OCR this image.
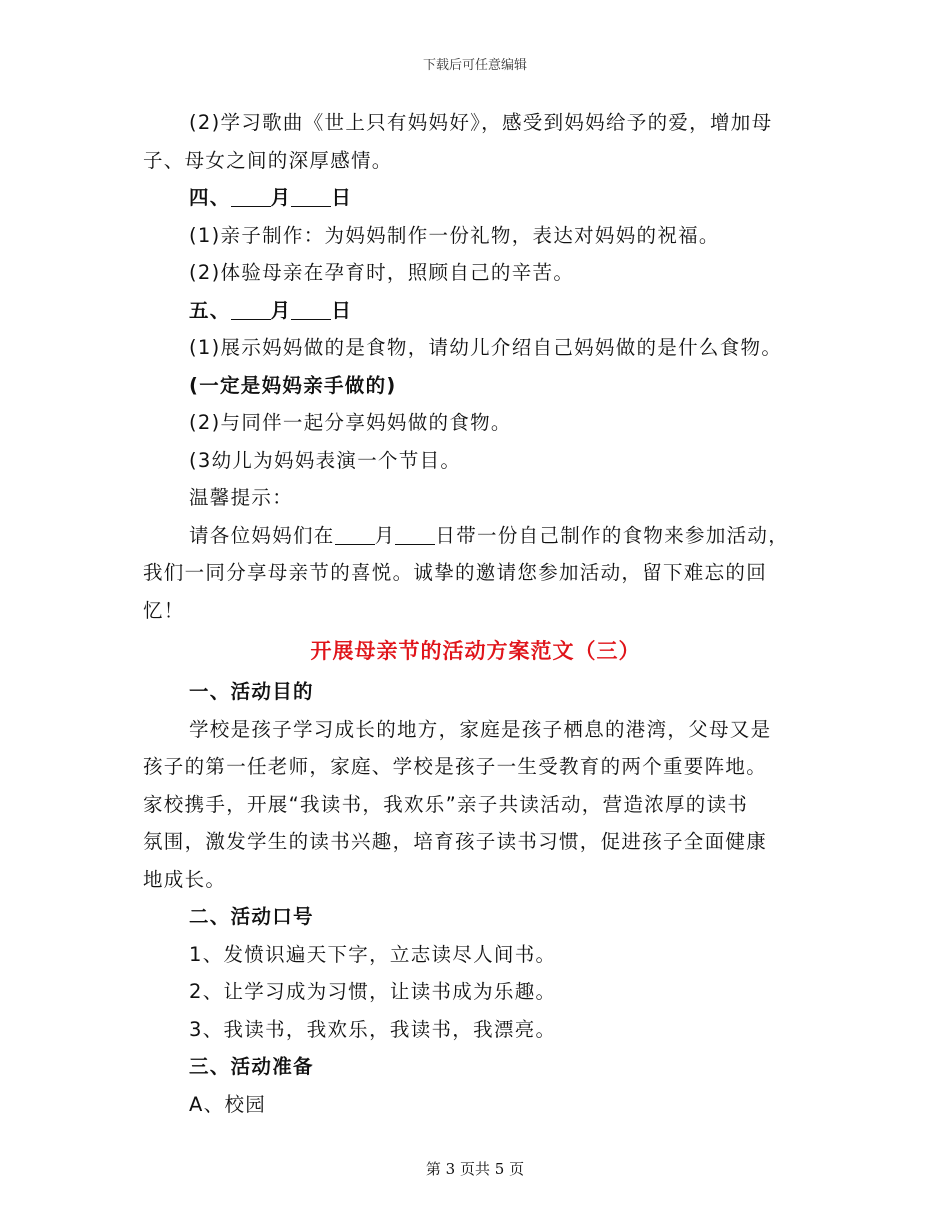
下载后可任意编辑

(2)学习歌曲《世上只有妈妈好》，感受到妈妈给予的爱，增加母

子、母女之间的深厚感情。

四、 月 日

(1)亲子制作：为妈妈制作一份礼物，表达对妈妈的祝福。

(2)体验母亲在孕育时，照顾自己的辛苦。

五、 月 日

(1)展示妈妈做的是食物，请幼儿介绍自己妈妈做的是什么食物。

(一定是妈妈亲手做的)

(2)与同伴一起分享妈妈做的食物。

(3幼儿为妈妈表演一个节目。

温馨提示：

请各位妈妈们在 月 日带一份自己制作的食物来参加活动，

我们一同分享母亲节的喜悦。诚挚的邀请您参加活动，留下难忘的回

忆！

开展母亲节的活动方案范文（三）

一、活动目的

学校是孩子学习成长的地方，家庭是孩子栖息的港湾，父母又是

孩子的第一任老师，家庭、学校是孩子一生受教育的两个重要阵地。

家校携手，开展“我读书，我欢乐”亲子共读活动，营造浓厚的读书

氛围，激发学生的读书兴趣，培育孩子读书习惯，促进孩子全面健康

地成长。

二、活动口号

1、发愤识遍天下字，立志读尽人间书。

2、让学习成为习惯，让读书成为乐趣。

3、我读书，我欢乐，我读书，我漂亮。

三、活动准备

A、校园

第 3 页共 5 页
